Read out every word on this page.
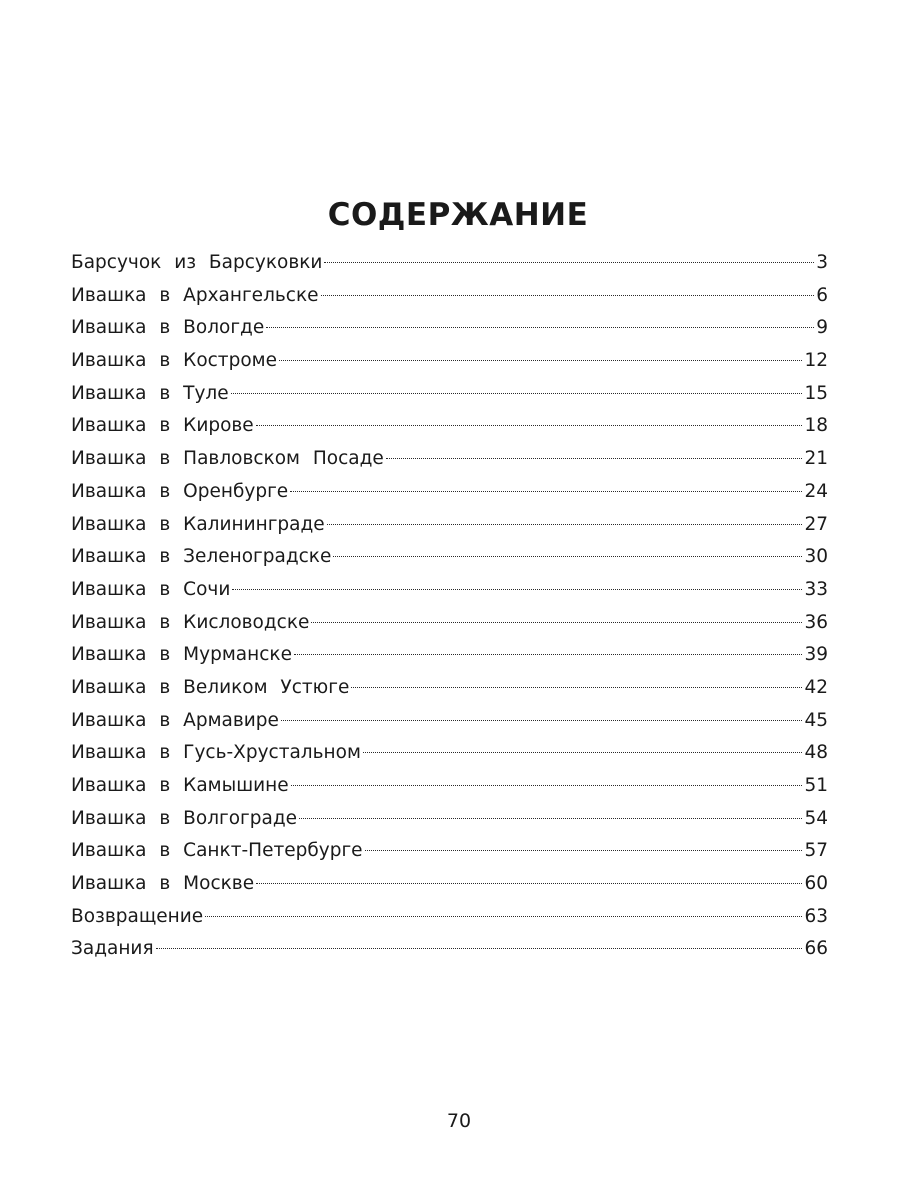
СОДЕРЖАНИЕ
Барсучок из Барсуковки	3
Ивашка в Архангельске	6
Ивашка в Вологде	9
Ивашка в Костроме	12
Ивашка в Туле	15
Ивашка в Кирове	18
Ивашка в Павловском Посаде	21
Ивашка в Оренбурге	24
Ивашка в Калининграде	27
Ивашка в Зеленоградске	30
Ивашка в Сочи	33
Ивашка в Кисловодске	36
Ивашка в Мурманске	39
Ивашка в Великом Устюге	42
Ивашка в Армавире	45
Ивашка в Гусь-Хрустальном	48
Ивашка в Камышине	51
Ивашка в Волгограде	54
Ивашка в Санкт-Петербурге	57
Ивашка в Москве	60
Возвращение	63
Задания	66
70
